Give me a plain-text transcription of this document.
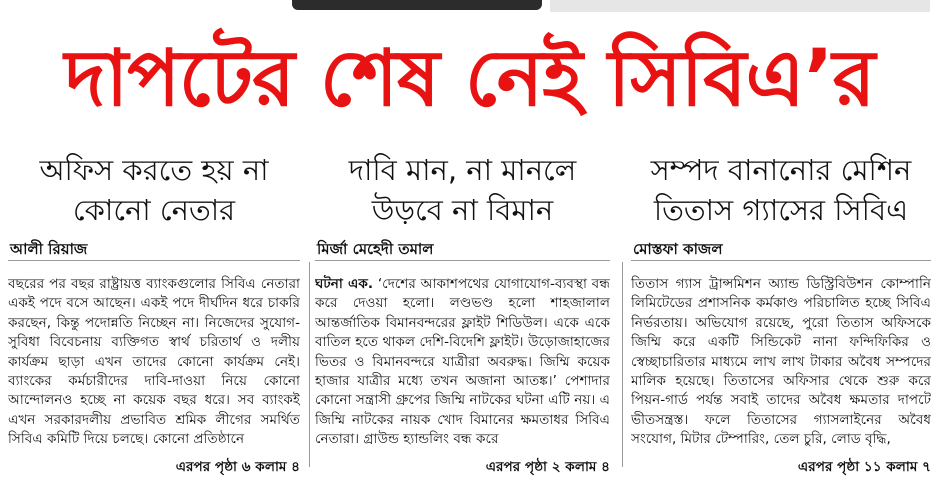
দাপটের শেষ নেই সিবিএ’র
অফিস করতে হয় না
কোনো নেতার
আলী রিয়াজ
বছরের পর বছর রাষ্ট্রায়ত্ত ব্যাংকগুলোর সিবিএ নেতারা একই পদে বসে আছেন। একই পদে দীর্ঘদিন ধরে চাকরি করছেন, কিন্তু পদোন্নতি নিচ্ছেন না। নিজেদের সুযোগ-সুবিধা বিবেচনায় ব্যক্তিগত স্বার্থ চরিতার্থ ও দলীয় কার্যক্রম ছাড়া এখন তাদের কোনো কার্যক্রম নেই। ব্যাংকের কর্মচারীদের দাবি-দাওয়া নিয়ে কোনো আন্দোলনও হচ্ছে না কয়েক বছর ধরে। সব ব্যাংকই এখন সরকারদলীয় প্রভাবিত শ্রমিক লীগের সমর্থিত সিবিএ কমিটি দিয়ে চলছে। কোনো প্রতিষ্ঠানে
এরপর পৃষ্ঠা ৬ কলাম ৪
দাবি মান, না মানলে
উড়বে না বিমান
মির্জা মেহেদী তমাল
ঘটনা এক. ‘দেশের আকাশপথের যোগাযোগ-ব্যবস্থা বন্ধ করে দেওয়া হলো। লণ্ডভণ্ড হলো শাহজালাল আন্তর্জাতিক বিমানবন্দরের ফ্লাইট শিডিউল। একে একে বাতিল হতে থাকল দেশি-বিদেশি ফ্লাইট। উড়োজাহাজের ভিতর ও বিমানবন্দরে যাত্রীরা অবরুদ্ধ। জিম্মি কয়েক হাজার যাত্রীর মধ্যে তখন অজানা আতঙ্ক।’ পেশাদার কোনো সন্ত্রাসী গ্রুপের জিম্মি নাটকের ঘটনা এটি নয়। এ জিম্মি নাটকের নায়ক খোদ বিমানের ক্ষমতাধর সিবিএ নেতারা। গ্রাউন্ড হ্যান্ডলিং বন্ধ করে
এরপর পৃষ্ঠা ২ কলাম ৪
সম্পদ বানানোর মেশিন
তিতাস গ্যাসের সিবিএ
মোস্তফা কাজল
তিতাস গ্যাস ট্রান্সমিশন অ্যান্ড ডিস্ট্রিবিউশন কোম্পানি লিমিটেডের প্রশাসনিক কর্মকাণ্ড পরিচালিত হচ্ছে সিবিএ নির্ভরতায়। অভিযোগ রয়েছে, পুরো তিতাস অফিসকে জিম্মি করে একটি সিন্ডিকেট নানা ফন্দিফিকির ও স্বেচ্ছাচারিতার মাধ্যমে লাখ লাখ টাকার অবৈধ সম্পদের মালিক হয়েছে। তিতাসের অফিসার থেকে শুরু করে পিয়ন-গার্ড পর্যন্ত সবাই তাদের অবৈধ ক্ষমতার দাপটে ভীতসন্ত্রস্ত। ফলে তিতাসের গ্যাসলাইনের অবৈধ সংযোগ, মিটার টেম্পারিং, তেল চুরি, লোড বৃদ্ধি,
এরপর পৃষ্ঠা ১১ কলাম ৭
